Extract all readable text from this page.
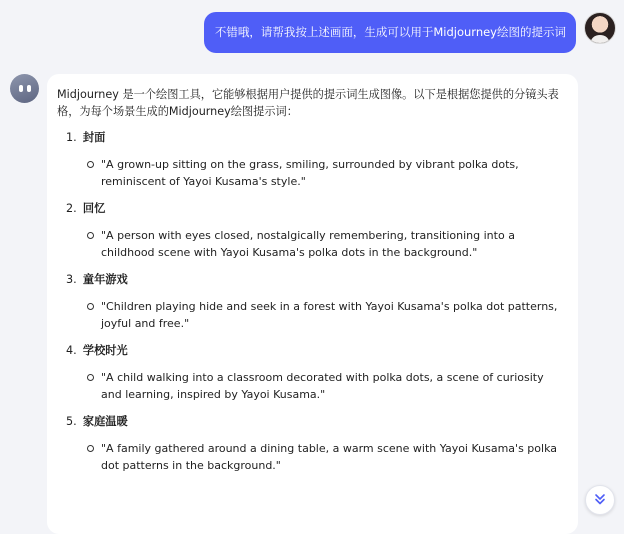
不错哦，请帮我按上述画面，生成可以用于Midjourney绘图的提示词

Midjourney 是一个绘图工具，它能够根据用户提供的提示词生成图像。以下是根据您提供的分镜头表格，为每个场景生成的Midjourney绘图提示词：

1. 封面
"A grown-up sitting on the grass, smiling, surrounded by vibrant polka dots, reminiscent of Yayoi Kusama's style."
2. 回忆
"A person with eyes closed, nostalgically remembering, transitioning into a childhood scene with Yayoi Kusama's polka dots in the background."
3. 童年游戏
"Children playing hide and seek in a forest with Yayoi Kusama's polka dot patterns, joyful and free."
4. 学校时光
"A child walking into a classroom decorated with polka dots, a scene of curiosity and learning, inspired by Yayoi Kusama."
5. 家庭温暖
"A family gathered around a dining table, a warm scene with Yayoi Kusama's polka dot patterns in the background."
